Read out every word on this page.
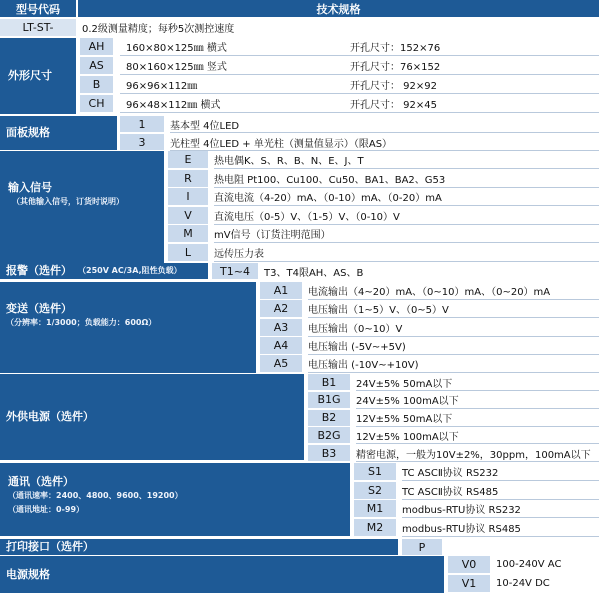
型号代码	技术规格
LT-ST-	0.2级测量精度；每秒5次测控速度
外形尺寸
AH	160×80×125㎜ 横式	开孔尺寸：152×76
AS	80×160×125㎜ 竖式	开孔尺寸：76×152
B	96×96×112㎜	开孔尺寸： 92×92
CH	96×48×112㎜ 横式	开孔尺寸： 92×45
面板规格
1	基本型 4位LED
3	光柱型 4位LED + 单光柱（测量值显示）（限AS）
输入信号
（其他输入信号，订货时说明）
E	热电偶K、S、R、B、N、E、J、T
R	热电阻 Pt100、Cu100、Cu50、BA1、BA2、G53
I	直流电流（4-20）mA、（0-10）mA、（0-20）mA
V	直流电压（0-5）V、（1-5）V、（0-10）V
M	mV信号（订货注明范围）
L	远传压力表
报警（选件） （250V AC/3A,阻性负载）	T1~4	T3、T4限AH、AS、B
变送（选件）
（分辨率：1/3000；负载能力：600Ω）
A1	电流输出（4~20）mA、（0~10）mA、（0~20）mA
A2	电压输出（1~5）V、（0~5）V
A3	电压输出（0~10）V
A4	电压输出 (-5V~+5V)
A5	电压输出 (-10V~+10V)
外供电源（选件）
B1	24V±5% 50mA以下
B1G	24V±5% 100mA以下
B2	12V±5% 50mA以下
B2G	12V±5% 100mA以下
B3	精密电源，一般为10V±2%，30ppm，100mA以下
通讯（选件）
（通讯速率：2400、4800、9600、19200）
（通讯地址：0-99）
S1	TC ASCⅡ协议 RS232
S2	TC ASCⅡ协议 RS485
M1	modbus-RTU协议 RS232
M2	modbus-RTU协议 RS485
打印接口（选件）	P
电源规格
V0	100-240V AC
V1	10-24V DC
